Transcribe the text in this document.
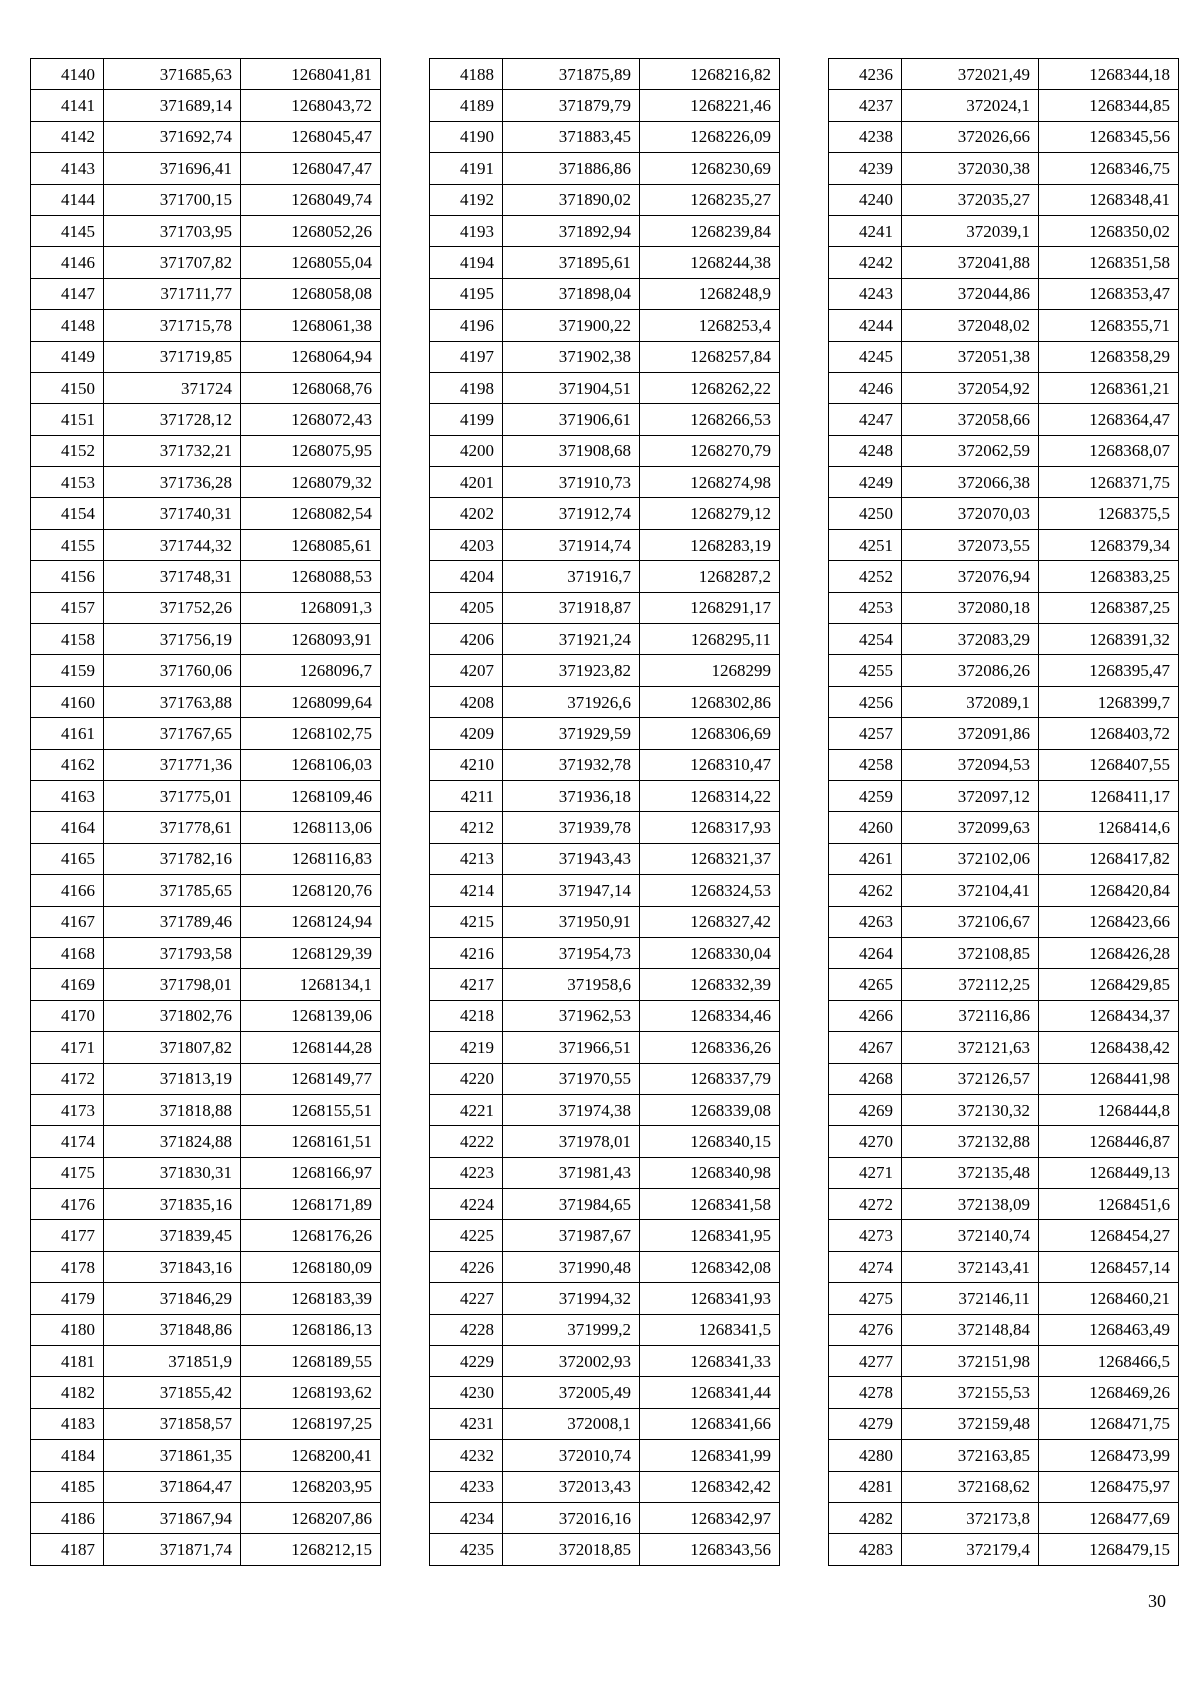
4140	371685,63	1268041,81
4141	371689,14	1268043,72
4142	371692,74	1268045,47
4143	371696,41	1268047,47
4144	371700,15	1268049,74
4145	371703,95	1268052,26
4146	371707,82	1268055,04
4147	371711,77	1268058,08
4148	371715,78	1268061,38
4149	371719,85	1268064,94
4150	371724	1268068,76
4151	371728,12	1268072,43
4152	371732,21	1268075,95
4153	371736,28	1268079,32
4154	371740,31	1268082,54
4155	371744,32	1268085,61
4156	371748,31	1268088,53
4157	371752,26	1268091,3
4158	371756,19	1268093,91
4159	371760,06	1268096,7
4160	371763,88	1268099,64
4161	371767,65	1268102,75
4162	371771,36	1268106,03
4163	371775,01	1268109,46
4164	371778,61	1268113,06
4165	371782,16	1268116,83
4166	371785,65	1268120,76
4167	371789,46	1268124,94
4168	371793,58	1268129,39
4169	371798,01	1268134,1
4170	371802,76	1268139,06
4171	371807,82	1268144,28
4172	371813,19	1268149,77
4173	371818,88	1268155,51
4174	371824,88	1268161,51
4175	371830,31	1268166,97
4176	371835,16	1268171,89
4177	371839,45	1268176,26
4178	371843,16	1268180,09
4179	371846,29	1268183,39
4180	371848,86	1268186,13
4181	371851,9	1268189,55
4182	371855,42	1268193,62
4183	371858,57	1268197,25
4184	371861,35	1268200,41
4185	371864,47	1268203,95
4186	371867,94	1268207,86
4187	371871,74	1268212,15
4188	371875,89	1268216,82
4189	371879,79	1268221,46
4190	371883,45	1268226,09
4191	371886,86	1268230,69
4192	371890,02	1268235,27
4193	371892,94	1268239,84
4194	371895,61	1268244,38
4195	371898,04	1268248,9
4196	371900,22	1268253,4
4197	371902,38	1268257,84
4198	371904,51	1268262,22
4199	371906,61	1268266,53
4200	371908,68	1268270,79
4201	371910,73	1268274,98
4202	371912,74	1268279,12
4203	371914,74	1268283,19
4204	371916,7	1268287,2
4205	371918,87	1268291,17
4206	371921,24	1268295,11
4207	371923,82	1268299
4208	371926,6	1268302,86
4209	371929,59	1268306,69
4210	371932,78	1268310,47
4211	371936,18	1268314,22
4212	371939,78	1268317,93
4213	371943,43	1268321,37
4214	371947,14	1268324,53
4215	371950,91	1268327,42
4216	371954,73	1268330,04
4217	371958,6	1268332,39
4218	371962,53	1268334,46
4219	371966,51	1268336,26
4220	371970,55	1268337,79
4221	371974,38	1268339,08
4222	371978,01	1268340,15
4223	371981,43	1268340,98
4224	371984,65	1268341,58
4225	371987,67	1268341,95
4226	371990,48	1268342,08
4227	371994,32	1268341,93
4228	371999,2	1268341,5
4229	372002,93	1268341,33
4230	372005,49	1268341,44
4231	372008,1	1268341,66
4232	372010,74	1268341,99
4233	372013,43	1268342,42
4234	372016,16	1268342,97
4235	372018,85	1268343,56
4236	372021,49	1268344,18
4237	372024,1	1268344,85
4238	372026,66	1268345,56
4239	372030,38	1268346,75
4240	372035,27	1268348,41
4241	372039,1	1268350,02
4242	372041,88	1268351,58
4243	372044,86	1268353,47
4244	372048,02	1268355,71
4245	372051,38	1268358,29
4246	372054,92	1268361,21
4247	372058,66	1268364,47
4248	372062,59	1268368,07
4249	372066,38	1268371,75
4250	372070,03	1268375,5
4251	372073,55	1268379,34
4252	372076,94	1268383,25
4253	372080,18	1268387,25
4254	372083,29	1268391,32
4255	372086,26	1268395,47
4256	372089,1	1268399,7
4257	372091,86	1268403,72
4258	372094,53	1268407,55
4259	372097,12	1268411,17
4260	372099,63	1268414,6
4261	372102,06	1268417,82
4262	372104,41	1268420,84
4263	372106,67	1268423,66
4264	372108,85	1268426,28
4265	372112,25	1268429,85
4266	372116,86	1268434,37
4267	372121,63	1268438,42
4268	372126,57	1268441,98
4269	372130,32	1268444,8
4270	372132,88	1268446,87
4271	372135,48	1268449,13
4272	372138,09	1268451,6
4273	372140,74	1268454,27
4274	372143,41	1268457,14
4275	372146,11	1268460,21
4276	372148,84	1268463,49
4277	372151,98	1268466,5
4278	372155,53	1268469,26
4279	372159,48	1268471,75
4280	372163,85	1268473,99
4281	372168,62	1268475,97
4282	372173,8	1268477,69
4283	372179,4	1268479,15
30
